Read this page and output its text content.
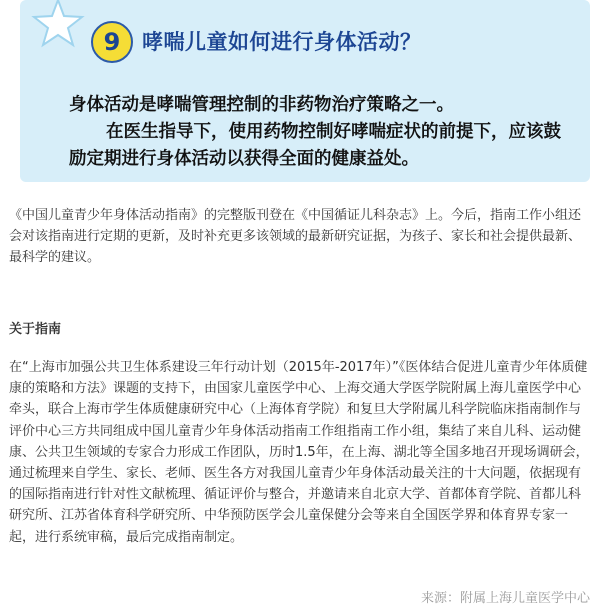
9	哮喘儿童如何进行身体活动？

身体活动是哮喘管理控制的非药物治疗策略之一。

在医生指导下，使用药物控制好哮喘症状的前提下，应该鼓励定期进行身体活动以获得全面的健康益处。

《中国儿童青少年身体活动指南》的完整版刊登在《中国循证儿科杂志》上。今后，指南工作小组还会对该指南进行定期的更新，及时补充更多该领域的最新研究证据，为孩子、家长和社会提供最新、最科学的建议。

关于指南

在“上海市加强公共卫生体系建设三年行动计划（2015年-2017年）”《医体结合促进儿童青少年体质健康的策略和方法》课题的支持下，由国家儿童医学中心、上海交通大学医学院附属上海儿童医学中心牵头，联合上海市学生体质健康研究中心（上海体育学院）和复旦大学附属儿科学院临床指南制作与评价中心三方共同组成中国儿童青少年身体活动指南工作组指南工作小组，集结了来自儿科、运动健康、公共卫生领域的专家合力形成工作团队，历时1.5年，在上海、湖北等全国多地召开现场调研会，通过梳理来自学生、家长、老师、医生各方对我国儿童青少年身体活动最关注的十大问题，依据现有的国际指南进行针对性文献梳理、循证评价与整合，并邀请来自北京大学、首都体育学院、首都儿科研究所、江苏省体育科学研究所、中华预防医学会儿童保健分会等来自全国医学界和体育界专家一起，进行系统审稿，最后完成指南制定。

来源：附属上海儿童医学中心
